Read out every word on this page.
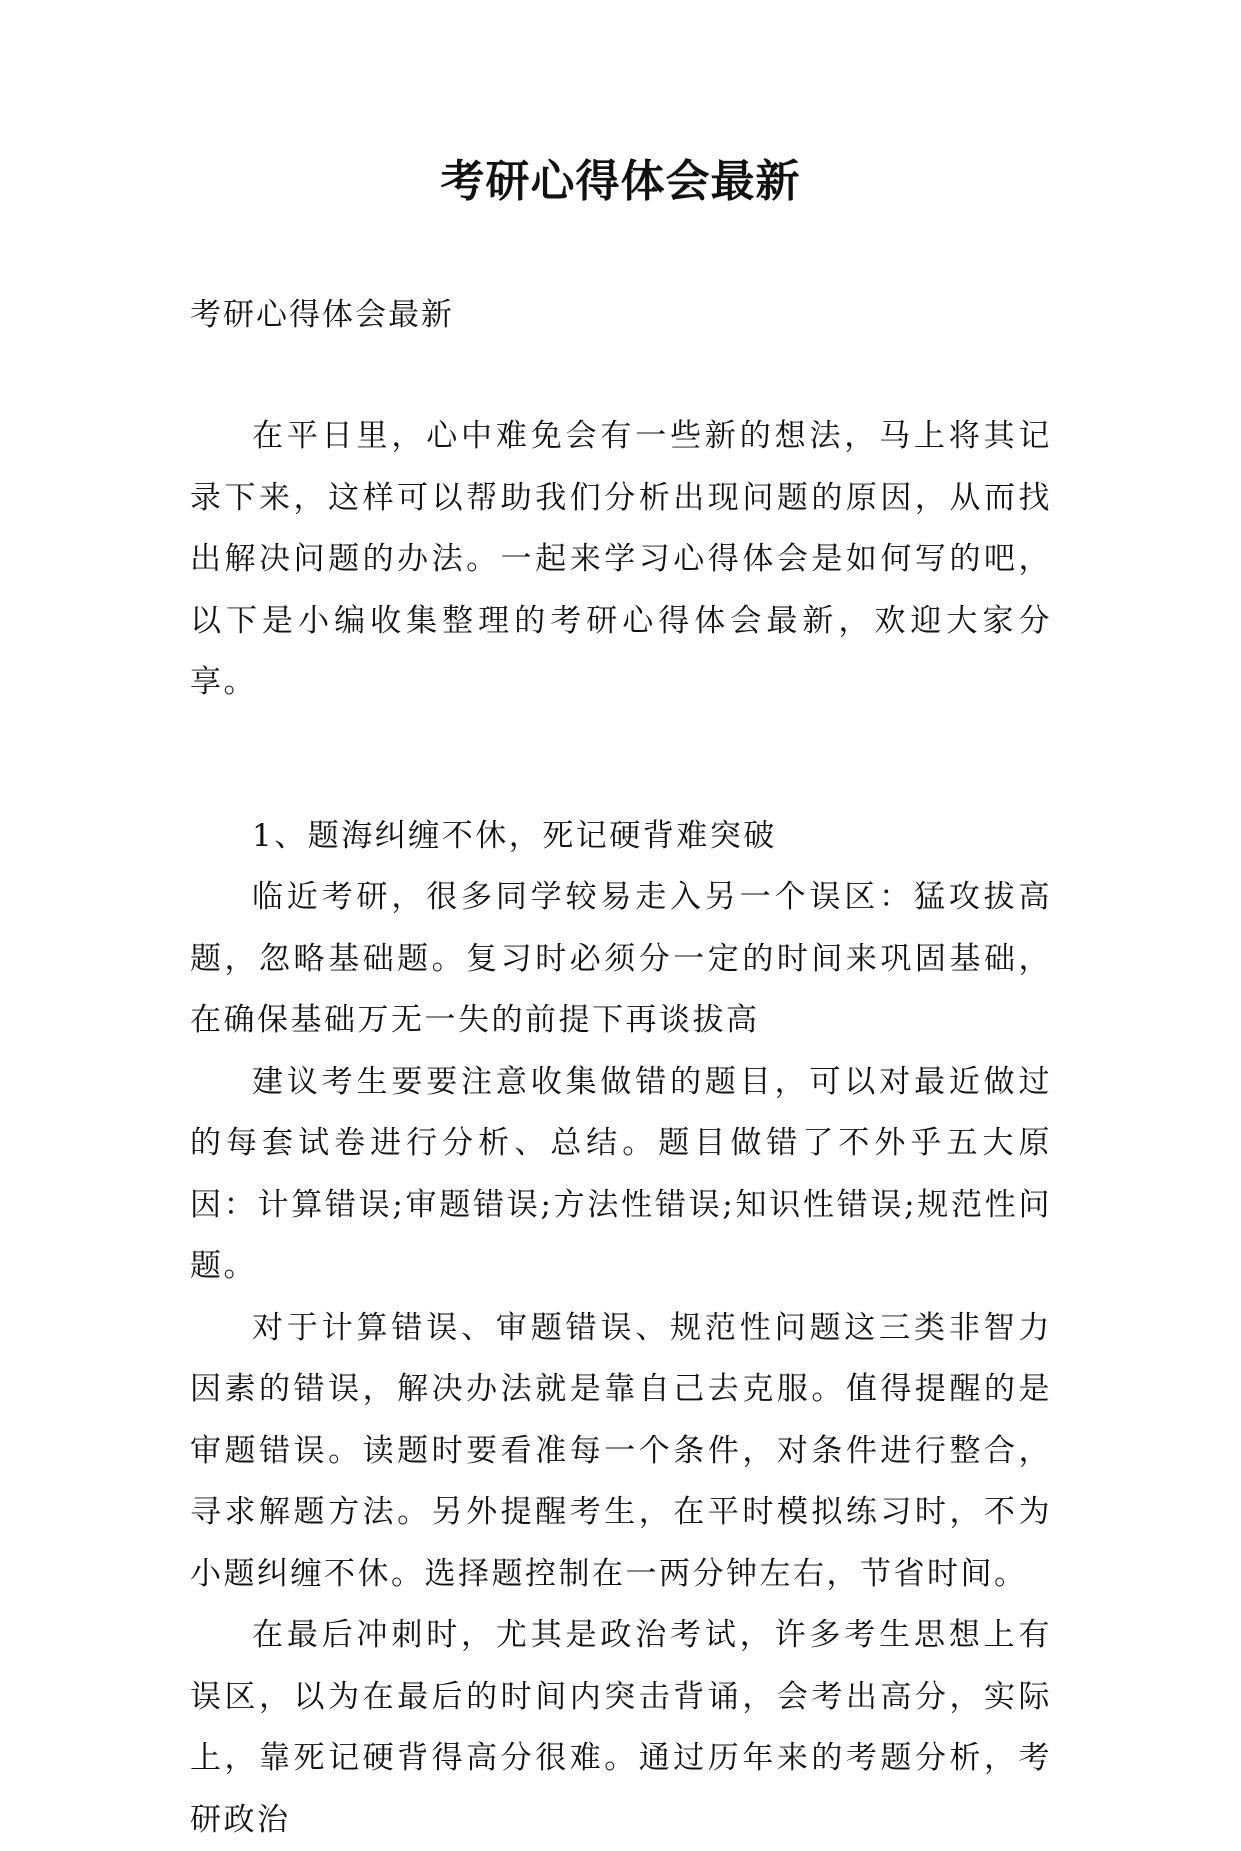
考研心得体会最新
考研心得体会最新

在平日里，心中难免会有一些新的想法，马上将其记录下来，这样可以帮助我们分析出现问题的原因，从而找出解决问题的办法。一起来学习心得体会是如何写的吧，以下是小编收集整理的考研心得体会最新，欢迎大家分享。

1、题海纠缠不休，死记硬背难突破

临近考研，很多同学较易走入另一个误区：猛攻拔高题，忽略基础题。复习时必须分一定的时间来巩固基础，在确保基础万无一失的前提下再谈拔高

建议考生要要注意收集做错的题目，可以对最近做过的每套试卷进行分析、总结。题目做错了不外乎五大原因：计算错误;审题错误;方法性错误;知识性错误;规范性问题。

对于计算错误、审题错误、规范性问题这三类非智力因素的错误，解决办法就是靠自己去克服。值得提醒的是审题错误。读题时要看准每一个条件，对条件进行整合，寻求解题方法。另外提醒考生，在平时模拟练习时，不为小题纠缠不休。选择题控制在一两分钟左右，节省时间。

在最后冲刺时，尤其是政治考试，许多考生思想上有误区，以为在最后的时间内突击背诵，会考出高分，实际上，靠死记硬背得高分很难。通过历年来的考题分析，考研政治
